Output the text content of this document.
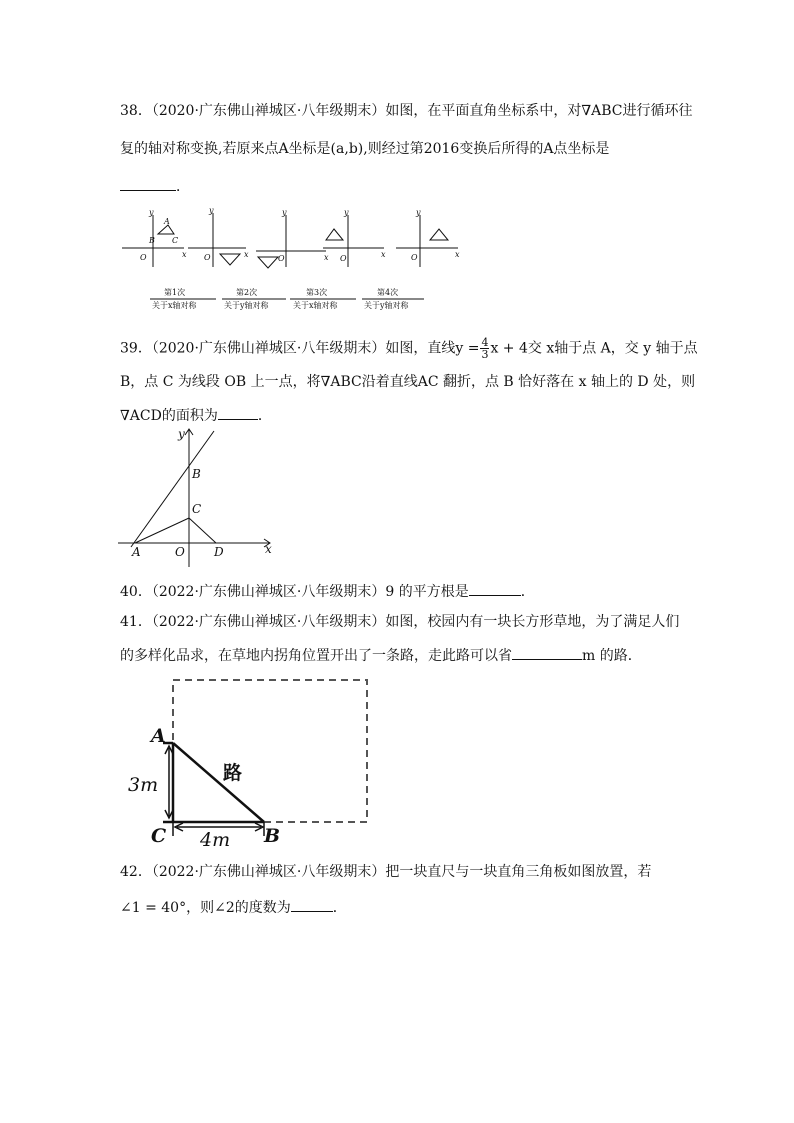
38．（2020·广东佛山禅城区·八年级期末）如图，在平面直角坐标系中，对∇ABC进行循环往
复的轴对称变换,若原来点A坐标是(a,b),则经过第2016变换后所得的A点坐标是
．
y
x
O
A
B C
y
x
O
y
x
O
y
x
O
y
x
O
第1次
关于x轴对称
第2次
关于y轴对称
第3次
关于x轴对称
第4次
关于y轴对称
39．（2020·广东佛山禅城区·八年级期末）如图，直线$y = \frac{4}{3}$ x + 4交 x轴于点 A，交 y 轴于点
B，点 C 为线段 OB 上一点，将∇ABC沿着直线AC 翻折，点 B 恰好落在 x 轴上的 D 处，则
∇ACD的面积为	．
y
x
A	O D
B
C
40．（2022·广东佛山禅城区·八年级期末）9 的平方根是	．
41．（2022·广东佛山禅城区·八年级期末）如图，校园内有一块长方形草地，为了满足人们
的多样化品求，在草地内拐角位置开出了一条路，走此路可以省	m 的路．
A
C	B
3m
4m
路
42．（2022·广东佛山禅城区·八年级期末）把一块直尺与一块直角三角板如图放置，若
∠1 = 40°，则∠2的度数为	．
